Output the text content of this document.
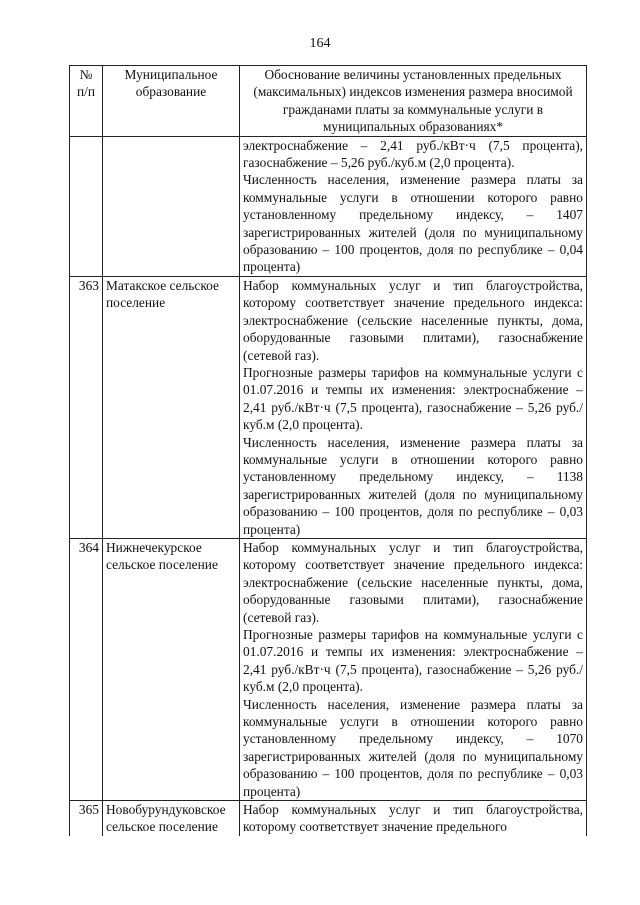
164
№ п/п	Муниципальное образование	Обоснование величины установленных предельных (максимальных) индексов изменения размера вносимой гражданами платы за коммунальные услуги в муниципальных образованиях*

		электроснабжение – 2,41 руб./кВт·ч (7,5 процента), газоснабжение – 5,26 руб./куб.м (2,0 процента).

Численность населения, изменение размера платы за коммунальные услуги в отношении которого равно установленному предельному индексу, – 1407 зарегистрированных жителей (доля по муниципальному образованию – 100 процентов, доля по республике – 0,04 процента)

363	Матакское сельское поселение	Набор коммунальных услуг и тип благоустройства, которому соответствует значение предельного индекса: электроснабжение (сельские населенные пункты, дома, оборудованные газовыми плитами), газоснабжение (сетевой газ).

Прогнозные размеры тарифов на коммунальные услуги с 01.07.2016 и темпы их изменения: электроснабжение – 2,41 руб./кВт·ч (7,5 процента), газоснабжение – 5,26 руб./куб.м (2,0 процента).

Численность населения, изменение размера платы за коммунальные услуги в отношении которого равно установленному предельному индексу, – 1138 зарегистрированных жителей (доля по муниципальному образованию – 100 процентов, доля по республике – 0,03 процента)

364	Нижнечекурское сельское поселение	Набор коммунальных услуг и тип благоустройства, которому соответствует значение предельного индекса: электроснабжение (сельские населенные пункты, дома, оборудованные газовыми плитами), газоснабжение (сетевой газ).

Прогнозные размеры тарифов на коммунальные услуги с 01.07.2016 и темпы их изменения: электроснабжение – 2,41 руб./кВт·ч (7,5 процента), газоснабжение – 5,26 руб./куб.м (2,0 процента).

Численность населения, изменение размера платы за коммунальные услуги в отношении которого равно установленному предельному индексу, – 1070 зарегистрированных жителей (доля по муниципальному образованию – 100 процентов, доля по республике – 0,03 процента)

365	Новобурундуковское сельское поселение	Набор коммунальных услуг и тип благоустройства, которому соответствует значение предельного
